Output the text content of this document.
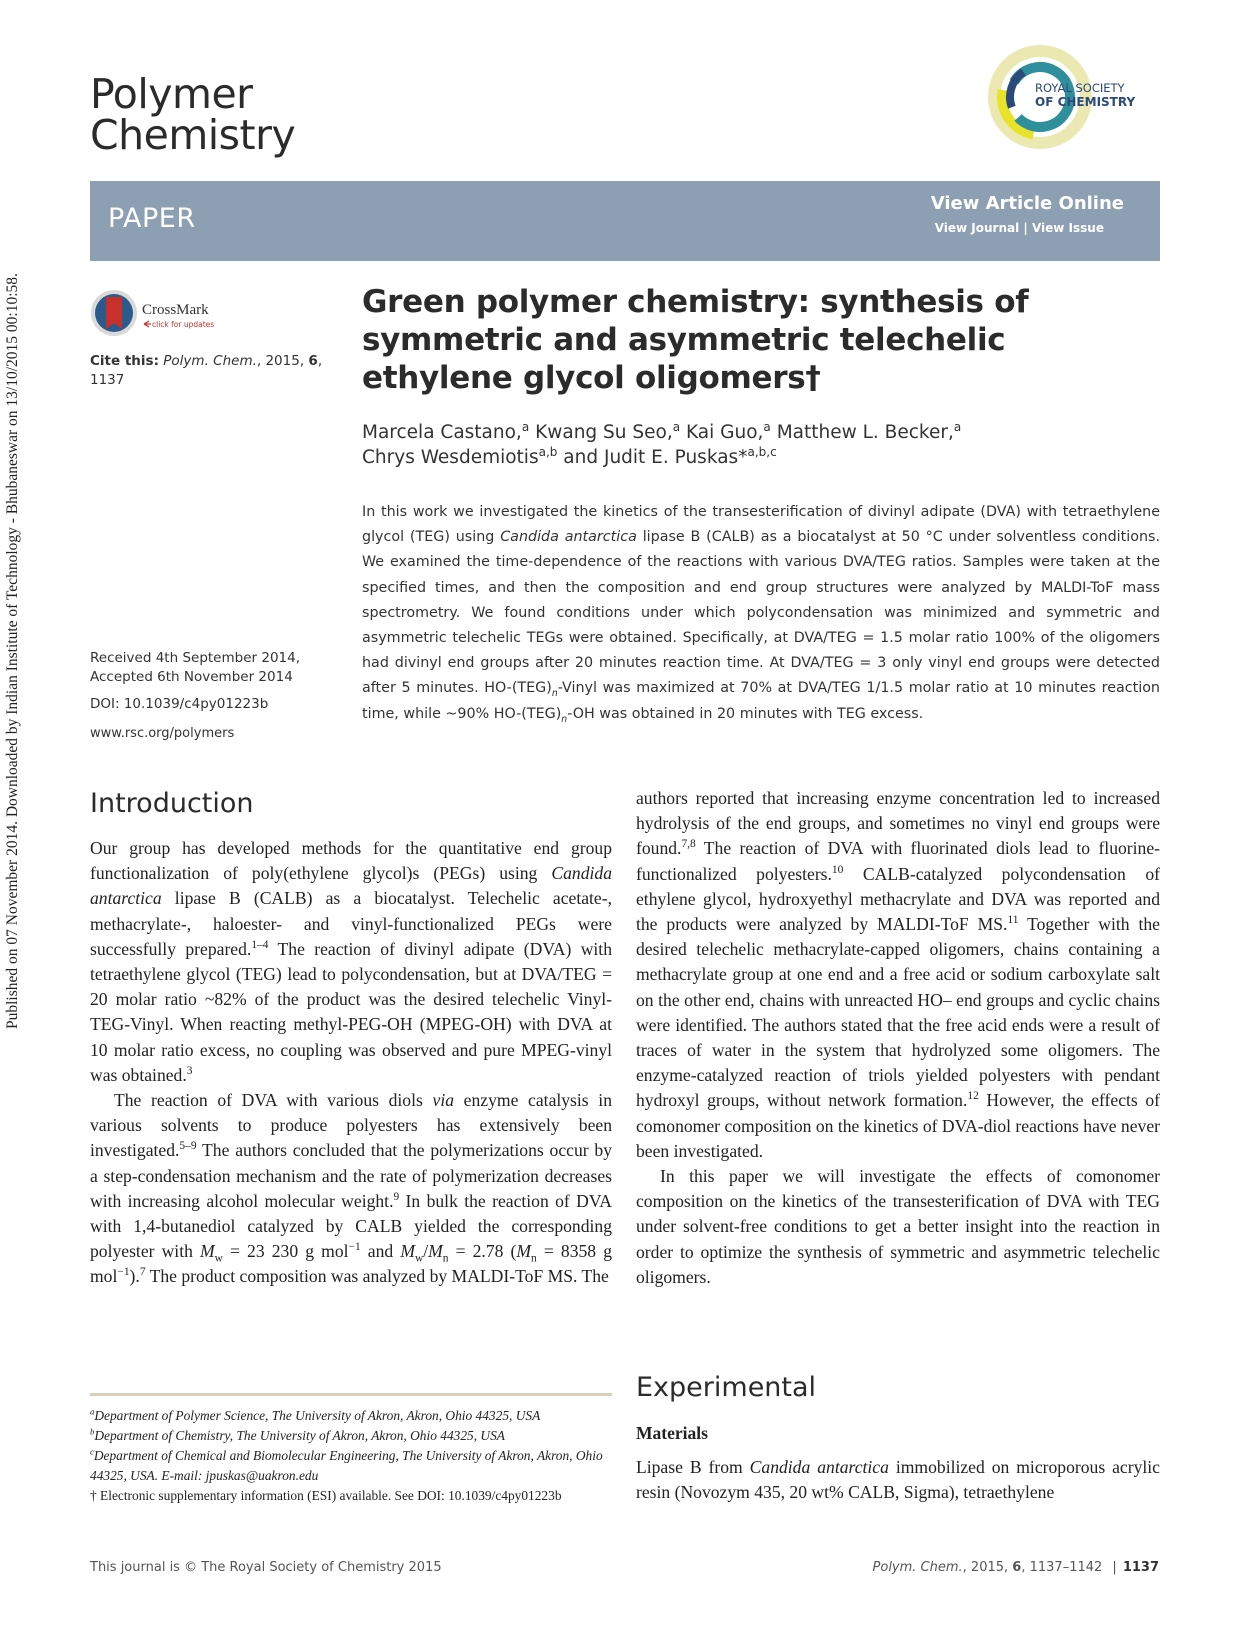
Published on 07 November 2014. Downloaded by Indian Institute of Technology - Bhubaneswar on 13/10/2015 00:10:58.
Polymer
Chemistry
ROYAL SOCIETY
OF CHEMISTRY
PAPER	View Article Online
View Journal | View Issue
CrossMark
click for updates
Cite this: Polym. Chem., 2015, 6,
1137
Received 4th September 2014,
Accepted 6th November 2014
DOI: 10.1039/c4py01223b
www.rsc.org/polymers
Green polymer chemistry: synthesis of symmetric and asymmetric telechelic ethylene glycol oligomers†
Marcela Castano,$^a$ Kwang Su Seo,$^a$ Kai Guo,$^a$ Matthew L. Becker,$^a$
Chrys Wesdemiotis$^{a,b}$ and Judit E. Puskas*$^{a,b,c}$
In this work we investigated the kinetics of the transesterification of divinyl adipate (DVA) with tetraethylene glycol (TEG) using Candida antarctica lipase B (CALB) as a biocatalyst at 50 °C under solventless conditions. We examined the time-dependence of the reactions with various DVA/TEG ratios. Samples were taken at the specified times, and then the composition and end group structures were analyzed by MALDI-ToF mass spectrometry. We found conditions under which polycondensation was minimized and symmetric and asymmetric telechelic TEGs were obtained. Specifically, at DVA/TEG = 1.5 molar ratio 100% of the oligomers had divinyl end groups after 20 minutes reaction time. At DVA/TEG = 3 only vinyl end groups were detected after 5 minutes. $HO-(TEG)_n$-Vinyl was maximized at 70% at DVA/TEG 1/1.5 molar ratio at 10 minutes reaction time, while ~90% $HO-(TEG)_n-OH$ was obtained in 20 minutes with TEG excess.
Introduction

Our group has developed methods for the quantitative end group functionalization of poly(ethylene glycol)s (PEGs) using Candida antarctica lipase B (CALB) as a biocatalyst. Telechelic acetate-, methacrylate-, haloester- and vinyl-functionalized PEGs were successfully prepared.$^{1-4}$ The reaction of divinyl adipate (DVA) with tetraethylene glycol (TEG) lead to polycondensation, but at DVA/TEG = 20 molar ratio ~82% of the product was the desired telechelic Vinyl-TEG-Vinyl. When reacting methyl-PEG-OH (MPEG-OH) with DVA at 10 molar ratio excess, no coupling was observed and pure MPEG-vinyl was obtained.$^3$

The reaction of DVA with various diols via enzyme catalysis in various solvents to produce polyesters has extensively been investigated.$^{5-9}$ The authors concluded that the polymerizations occur by a step-condensation mechanism and the rate of polymerization decreases with increasing alcohol molecular weight.$^9$ In bulk the reaction of DVA with 1,4-butanediol catalyzed by CALB yielded the corresponding polyester with $M_w = 23$ 230 g mol$^{-1}$ and $M_w/M_n = 2.78$ ($M_n = 8358$ g mol$^{-1}$).$^7$ The product composition was analyzed by MALDI-ToF MS. The

authors reported that increasing enzyme concentration led to increased hydrolysis of the end groups, and sometimes no vinyl end groups were found.$^{7,8}$ The reaction of DVA with fluorinated diols lead to fluorine-functionalized polyesters.$^{10}$ CALB-catalyzed polycondensation of ethylene glycol, hydroxyethyl methacrylate and DVA was reported and the products were analyzed by MALDI-ToF MS.$^{11}$ Together with the desired telechelic methacrylate-capped oligomers, chains containing a methacrylate group at one end and a free acid or sodium carboxylate salt on the other end, chains with unreacted HO– end groups and cyclic chains were identified. The authors stated that the free acid ends were a result of traces of water in the system that hydrolyzed some oligomers. The enzyme-catalyzed reaction of triols yielded polyesters with pendant hydroxyl groups, without network formation.$^{12}$ However, the effects of comonomer composition on the kinetics of DVA-diol reactions have never been investigated.

In this paper we will investigate the effects of comonomer composition on the kinetics of the transesterification of DVA with TEG under solvent-free conditions to get a better insight into the reaction in order to optimize the synthesis of symmetric and asymmetric telechelic oligomers.

Experimental
Materials
Lipase B from Candida antarctica immobilized on microporous acrylic resin (Novozym 435, 20 wt% CALB, Sigma), tetraethylene
$^a$Department of Polymer Science, The University of Akron, Akron, Ohio 44325, USA
$^b$Department of Chemistry, The University of Akron, Akron, Ohio 44325, USA
$^c$Department of Chemical and Biomolecular Engineering, The University of Akron, Akron, Ohio 44325, USA. E-mail: jpuskas@uakron.edu
† Electronic supplementary information (ESI) available. See DOI: 10.1039/c4py01223b
This journal is © The Royal Society of Chemistry 2015	Polym. Chem., 2015, 6, 1137–1142 | 1137
